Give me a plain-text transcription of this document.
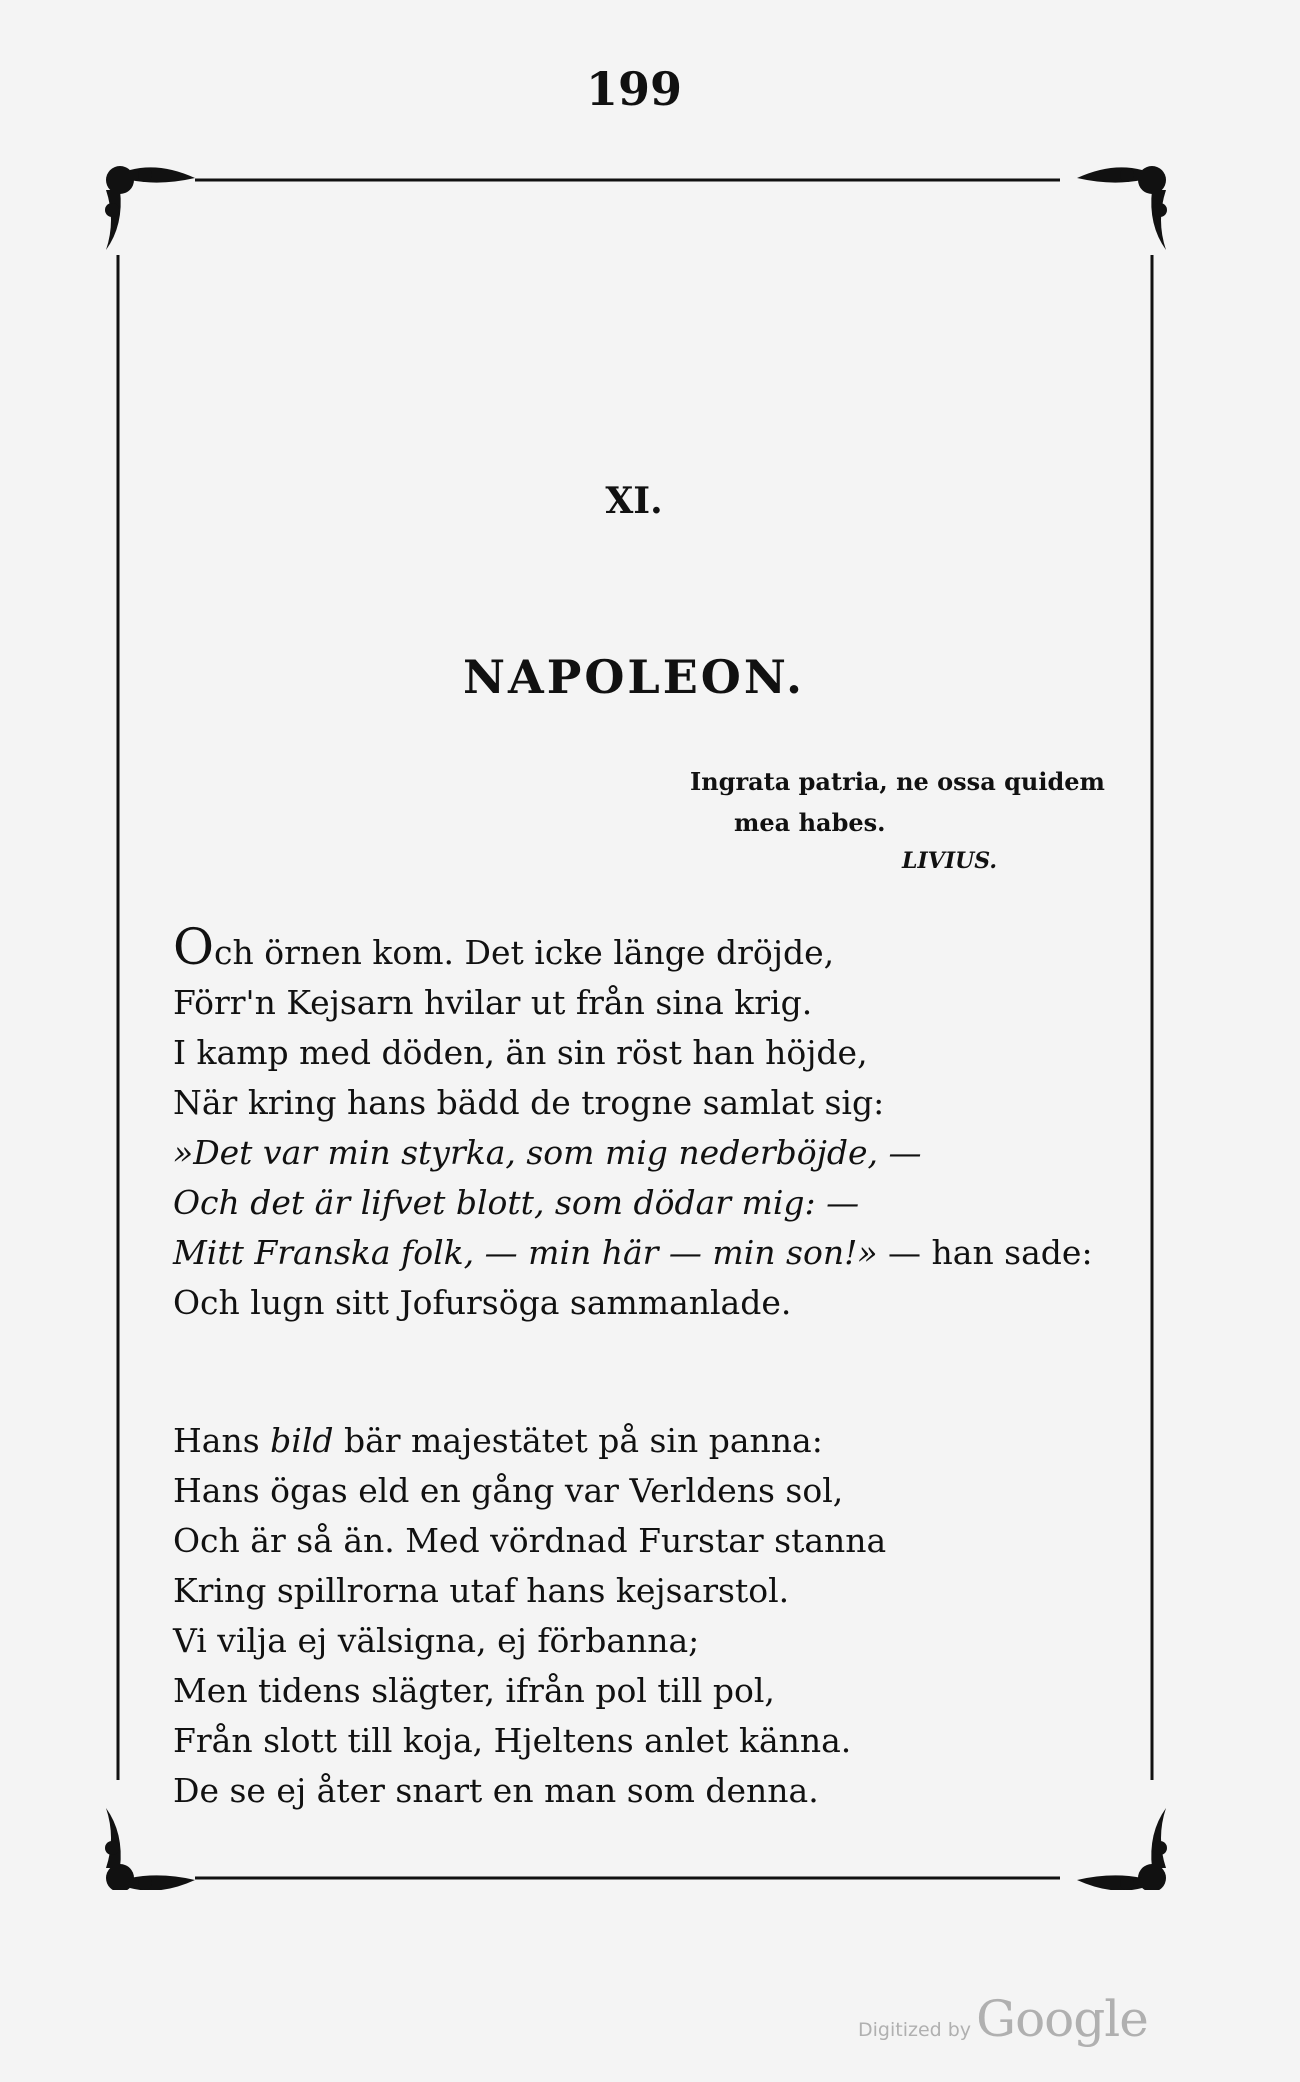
199
XI.
NAPOLEON.
Ingrata patria, ne ossa quidem
mea habes.
LIVIUS.
Och örnen kom. Det icke länge dröjde,
Förr'n Kejsarn hvilar ut från sina krig.
I kamp med döden, än sin röst han höjde,
När kring hans bädd de trogne samlat sig:
»Det var min styrka, som mig nederböjde, —
Och det är lifvet blott, som dödar mig: —
Mitt Franska folk, — min här — min son!» — han sade:
Och lugn sitt Jofursöga sammanlade.
Hans bild bär majestätet på sin panna:
Hans ögas eld en gång var Verldens sol,
Och är så än. Med vördnad Furstar stanna
Kring spillrorna utaf hans kejsarstol.
Vi vilja ej välsigna, ej förbanna;
Men tidens slägter, ifrån pol till pol,
Från slott till koja, Hjeltens anlet känna.
De se ej åter snart en man som denna.
Digitized by Google
